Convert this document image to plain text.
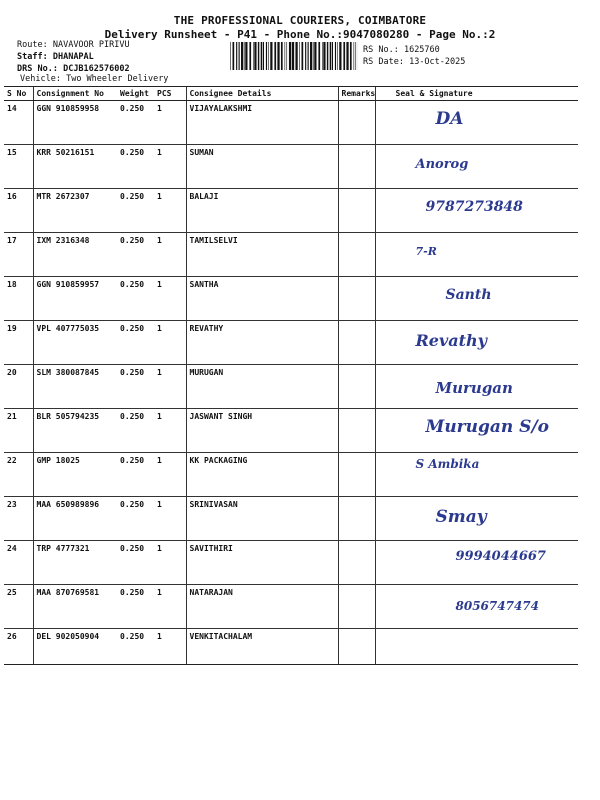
THE PROFESSIONAL COURIERS, COIMBATORE
Delivery Runsheet - P41 - Phone No.:9047080280 - Page No.:2
Route: NAVAVOOR PIRIVU
Staff: DHANAPAL
DRS No.: DCJB162576002
Vehicle: Two Wheeler Delivery
RS No.: 1625760
RS Date: 13-Oct-2025
S No	Consignment No	Weight	PCS	Consignee Details	Remarks	Seal & Signature
14	GGN 910859958	0.250	1	VIJAYALAKSHMI		DA

15	KRR 50216151	0.250	1	SUMAN		Anorog

16	MTR 2672307	0.250	1	BALAJI		9787273848

17	IXM 2316348	0.250	1	TAMILSELVI		7-R

18	GGN 910859957	0.250	1	SANTHA		Santh

19	VPL 407775035	0.250	1	REVATHY		Revathy

20	SLM 380087845	0.250	1	MURUGAN		Murugan

21	BLR 505794235	0.250	1	JASWANT SINGH		Murugan S/o

22	GMP 18025	0.250	1	KK PACKAGING		S Ambika

23	MAA 650989896	0.250	1	SRINIVASAN		Smay

24	TRP 4777321	0.250	1	SAVITHIRI		9994044667

25	MAA 870769581	0.250	1	NATARAJAN		8056747474

26	DEL 902050904	0.250	1	VENKITACHALAM		
